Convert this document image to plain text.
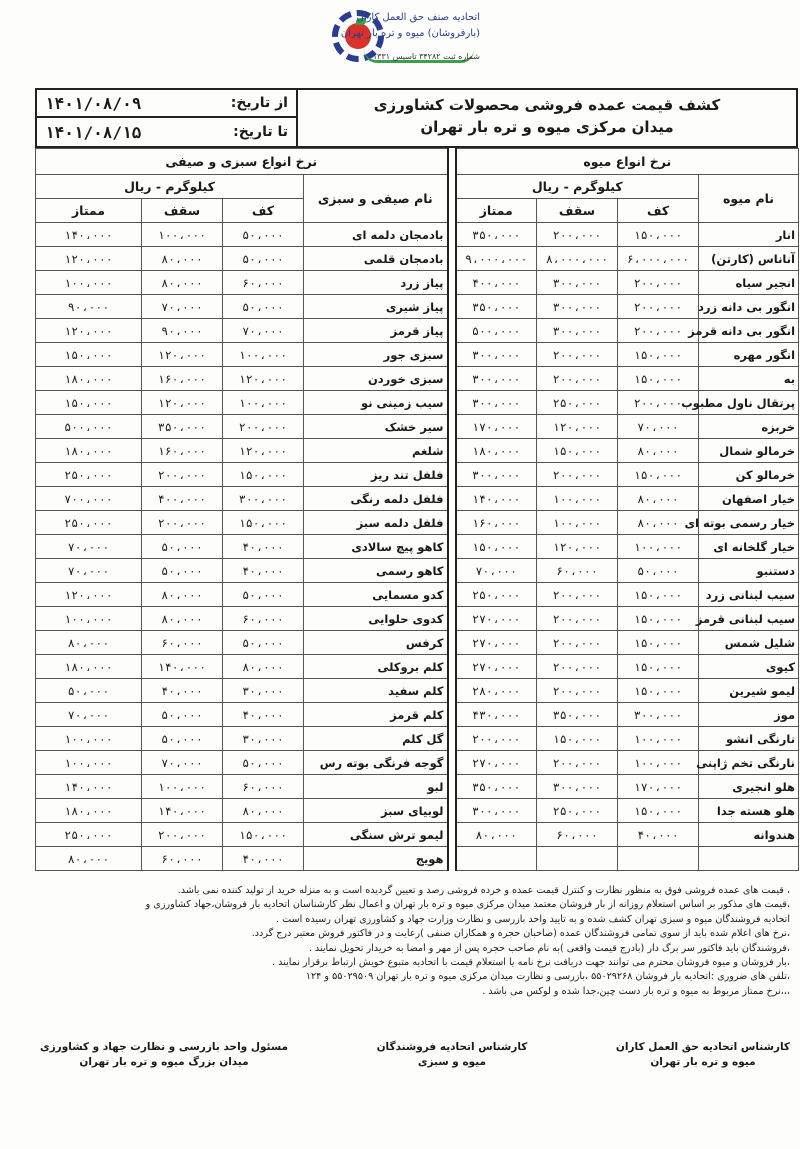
اتحادیه صنف حق العمل کاران
(بارفروشان) میوه و تره بار تهران
شماره ثبت ۳۴۲۸۲ تاسیس ۱۳۳۱
کشف قیمت عمده فروشی محصولات کشاورزی
میدان مرکزی میوه و تره بار تهران
از تاریخ:
۱۴۰۱/۰۸/۰۹
تا تاریخ:
۱۴۰۱/۰۸/۱۵
نرخ انواع میوه					نرخ انواع سبزی و صیفی			
نام میوه	کیلوگرم - ریال				نام صیفی و سبزی	کیلوگرم - ریال		
	کف	سقف	ممتاز			کف	سقف	ممتاز
انار	۱۵۰،۰۰۰	۲۰۰،۰۰۰	۳۵۰،۰۰۰		بادمجان دلمه ای	۵۰،۰۰۰	۱۰۰،۰۰۰	۱۴۰،۰۰۰
آناناس (کارتن)	۶،۰۰۰،۰۰۰	۸،۰۰۰،۰۰۰	۹،۰۰۰،۰۰۰		بادمجان قلمی	۵۰،۰۰۰	۸۰،۰۰۰	۱۲۰،۰۰۰
انجیر سیاه	۲۰۰،۰۰۰	۳۰۰،۰۰۰	۴۰۰،۰۰۰		پیاز زرد	۶۰،۰۰۰	۸۰،۰۰۰	۱۰۰،۰۰۰
انگور بی دانه زرد	۲۰۰،۰۰۰	۳۰۰،۰۰۰	۳۵۰،۰۰۰		پیاز شیری	۵۰،۰۰۰	۷۰،۰۰۰	۹۰،۰۰۰
انگور بی دانه قرمز	۲۰۰،۰۰۰	۳۰۰،۰۰۰	۵۰۰،۰۰۰		پیاز قرمز	۷۰،۰۰۰	۹۰،۰۰۰	۱۲۰،۰۰۰
انگور مهره	۱۵۰،۰۰۰	۲۰۰،۰۰۰	۳۰۰،۰۰۰		سبزی جور	۱۰۰،۰۰۰	۱۲۰،۰۰۰	۱۵۰،۰۰۰
به	۱۵۰،۰۰۰	۲۰۰،۰۰۰	۳۰۰،۰۰۰		سبزی خوردن	۱۲۰،۰۰۰	۱۶۰،۰۰۰	۱۸۰،۰۰۰
پرتقال ناول مطبوب	۲۰۰،۰۰۰	۲۵۰،۰۰۰	۳۰۰،۰۰۰		سیب زمینی نو	۱۰۰،۰۰۰	۱۲۰،۰۰۰	۱۵۰،۰۰۰
خربزه	۷۰،۰۰۰	۱۲۰،۰۰۰	۱۷۰،۰۰۰		سیر خشک	۲۰۰،۰۰۰	۳۵۰،۰۰۰	۵۰۰،۰۰۰
خرمالو شمال	۸۰،۰۰۰	۱۵۰،۰۰۰	۱۸۰،۰۰۰		شلغم	۱۲۰،۰۰۰	۱۶۰،۰۰۰	۱۸۰،۰۰۰
خرمالو کن	۱۵۰،۰۰۰	۲۰۰،۰۰۰	۳۰۰،۰۰۰		فلفل تند ریز	۱۵۰،۰۰۰	۲۰۰،۰۰۰	۲۵۰،۰۰۰
خیار اصفهان	۸۰،۰۰۰	۱۰۰،۰۰۰	۱۴۰،۰۰۰		فلفل دلمه رنگی	۳۰۰،۰۰۰	۴۰۰،۰۰۰	۷۰۰،۰۰۰
خیار رسمی بوته ای	۸۰،۰۰۰	۱۰۰،۰۰۰	۱۶۰،۰۰۰		فلفل دلمه سبز	۱۵۰،۰۰۰	۲۰۰،۰۰۰	۲۵۰،۰۰۰
خیار گلخانه ای	۱۰۰،۰۰۰	۱۲۰،۰۰۰	۱۵۰،۰۰۰		کاهو پیچ سالادی	۴۰،۰۰۰	۵۰،۰۰۰	۷۰،۰۰۰
دستنبو	۵۰،۰۰۰	۶۰،۰۰۰	۷۰،۰۰۰		کاهو رسمی	۴۰،۰۰۰	۵۰،۰۰۰	۷۰،۰۰۰
سیب لبنانی زرد	۱۵۰،۰۰۰	۲۰۰،۰۰۰	۲۵۰،۰۰۰		کدو مسمایی	۵۰،۰۰۰	۸۰،۰۰۰	۱۲۰،۰۰۰
سیب لبنانی قرمز	۱۵۰،۰۰۰	۲۰۰،۰۰۰	۲۷۰،۰۰۰		کدوی حلوایی	۶۰،۰۰۰	۸۰،۰۰۰	۱۰۰،۰۰۰
شلیل شمس	۱۵۰،۰۰۰	۲۰۰،۰۰۰	۲۷۰،۰۰۰		کرفس	۵۰،۰۰۰	۶۰،۰۰۰	۸۰،۰۰۰
کیوی	۱۵۰،۰۰۰	۲۰۰،۰۰۰	۲۷۰،۰۰۰		کلم بروکلی	۸۰،۰۰۰	۱۴۰،۰۰۰	۱۸۰،۰۰۰
لیمو شیرین	۱۵۰،۰۰۰	۲۰۰،۰۰۰	۲۸۰،۰۰۰		کلم سفید	۳۰،۰۰۰	۴۰،۰۰۰	۵۰،۰۰۰
موز	۳۰۰،۰۰۰	۳۵۰،۰۰۰	۴۳۰،۰۰۰		کلم قرمز	۴۰،۰۰۰	۵۰،۰۰۰	۷۰،۰۰۰
نارنگی انشو	۱۰۰،۰۰۰	۱۵۰،۰۰۰	۲۰۰،۰۰۰		گل کلم	۳۰،۰۰۰	۵۰،۰۰۰	۱۰۰،۰۰۰
نارنگی تخم ژاپنی	۱۰۰،۰۰۰	۲۰۰،۰۰۰	۲۷۰،۰۰۰		گوجه فرنگی بوته رس	۵۰،۰۰۰	۷۰،۰۰۰	۱۰۰،۰۰۰
هلو انجیری	۱۷۰،۰۰۰	۳۰۰،۰۰۰	۳۵۰،۰۰۰		لبو	۶۰،۰۰۰	۱۰۰،۰۰۰	۱۴۰،۰۰۰
هلو هسته جدا	۱۵۰،۰۰۰	۲۵۰،۰۰۰	۳۰۰،۰۰۰		لوبیای سبز	۸۰،۰۰۰	۱۴۰،۰۰۰	۱۸۰،۰۰۰
هندوانه	۴۰،۰۰۰	۶۰،۰۰۰	۸۰،۰۰۰		لیمو ترش سنگی	۱۵۰،۰۰۰	۲۰۰،۰۰۰	۲۵۰،۰۰۰
					هویج	۴۰،۰۰۰	۶۰،۰۰۰	۸۰،۰۰۰

، قیمت های عمده فروشی فوق به منظور نظارت و کنترل قیمت عمده و خرده فروشی رصد و تعیین گردیده است و به منزله خرید از تولید کننده نمی باشد.

،قیمت های مذکور بر اساس استعلام روزانه از بار فروشان معتمد میدان مرکزی میوه و تره بار تهران و اعمال نظر کارشناسان اتحادیه بار فروشان،جهاد کشاورزی و

اتحادیه فروشندگان میوه و سبزی تهران کشف شده و به تایید واحد بازرسی و نظارت وزارت جهاد و کشاورزی تهران رسیده است .

،نرخ های اعلام شده باید از سوی تمامی فروشندگان عمده (صاحبان حجره و همکاران صنفی )رعایت و در فاکتور فروش معتبر درج گردد.

،فروشندگان باید فاکتور سر برگ دار (بادرج قیمت واقعی )به نام صاحب حجره پس از مهر و امضا به خریدار تحویل نمایند .

،بار فروشان و میوه فروشان محترم می توانند جهت دریافت نرخ نامه یا استعلام قیمت با اتحادیه متبوع خویش ارتباط برقرار نمایند .

،تلفن های ضروری :اتحادیه بار فروشان ۵۵۰۲۹۲۶۸ ،بازرسی و نظارت میدان مرکزی میوه و تره بار تهران ۵۵۰۲۹۵۰۹ و ۱۲۴

،،،نرخ ممتاز مربوط به میوه و تره بار دست چین،جدا شده و لوکس می باشد .

کارشناس اتحادیه حق العمل کاران
میوه و تره بار تهران
کارشناس اتحادیه فروشندگان
میوه و سبزی
مسئول واحد بازرسی و نظارت جهاد و کشاورزی
میدان بزرگ میوه و تره بار تهران
